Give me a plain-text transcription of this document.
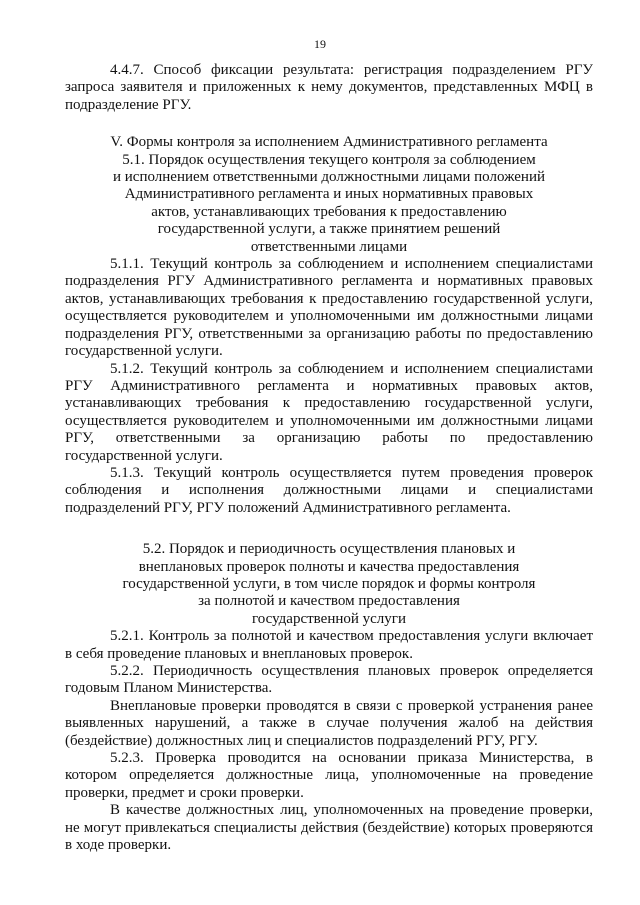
19

4.4.7. Способ фиксации результата: регистрация подразделением РГУ запроса заявителя и приложенных к нему документов, представленных МФЦ в подразделение РГУ.

V. Формы контроля за исполнением Административного регламента
5.1. Порядок осуществления текущего контроля за соблюдением
и исполнением ответственными должностными лицами положений
Административного регламента и иных нормативных правовых
актов, устанавливающих требования к предоставлению
государственной услуги, а также принятием решений
ответственными лицами

5.1.1. Текущий контроль за соблюдением и исполнением специалистами подразделения РГУ Административного регламента и нормативных правовых актов, устанавливающих требования к предоставлению государственной услуги, осуществляется руководителем и уполномоченными им должностными лицами подразделения РГУ, ответственными за организацию работы по предоставлению государственной услуги.

5.1.2. Текущий контроль за соблюдением и исполнением специалистами РГУ Административного регламента и нормативных правовых актов, устанавливающих требования к предоставлению государственной услуги, осуществляется руководителем и уполномоченными им должностными лицами РГУ, ответственными за организацию работы по предоставлению государственной услуги.

5.1.3. Текущий контроль осуществляется путем проведения проверок соблюдения и исполнения должностными лицами и специалистами подразделений РГУ, РГУ положений Административного регламента.

5.2. Порядок и периодичность осуществления плановых и
внеплановых проверок полноты и качества предоставления
государственной услуги, в том числе порядок и формы контроля
за полнотой и качеством предоставления
государственной услуги

5.2.1. Контроль за полнотой и качеством предоставления услуги включает в себя проведение плановых и внеплановых проверок.

5.2.2. Периодичность осуществления плановых проверок определяется годовым Планом Министерства.

Внеплановые проверки проводятся в связи с проверкой устранения ранее выявленных нарушений, а также в случае получения жалоб на действия (бездействие) должностных лиц и специалистов подразделений РГУ, РГУ.

5.2.3. Проверка проводится на основании приказа Министерства, в котором определяется должностные лица, уполномоченные на проведение проверки, предмет и сроки проверки.

В качестве должностных лиц, уполномоченных на проведение проверки, не могут привлекаться специалисты действия (бездействие) которых проверяются в ходе проверки.
